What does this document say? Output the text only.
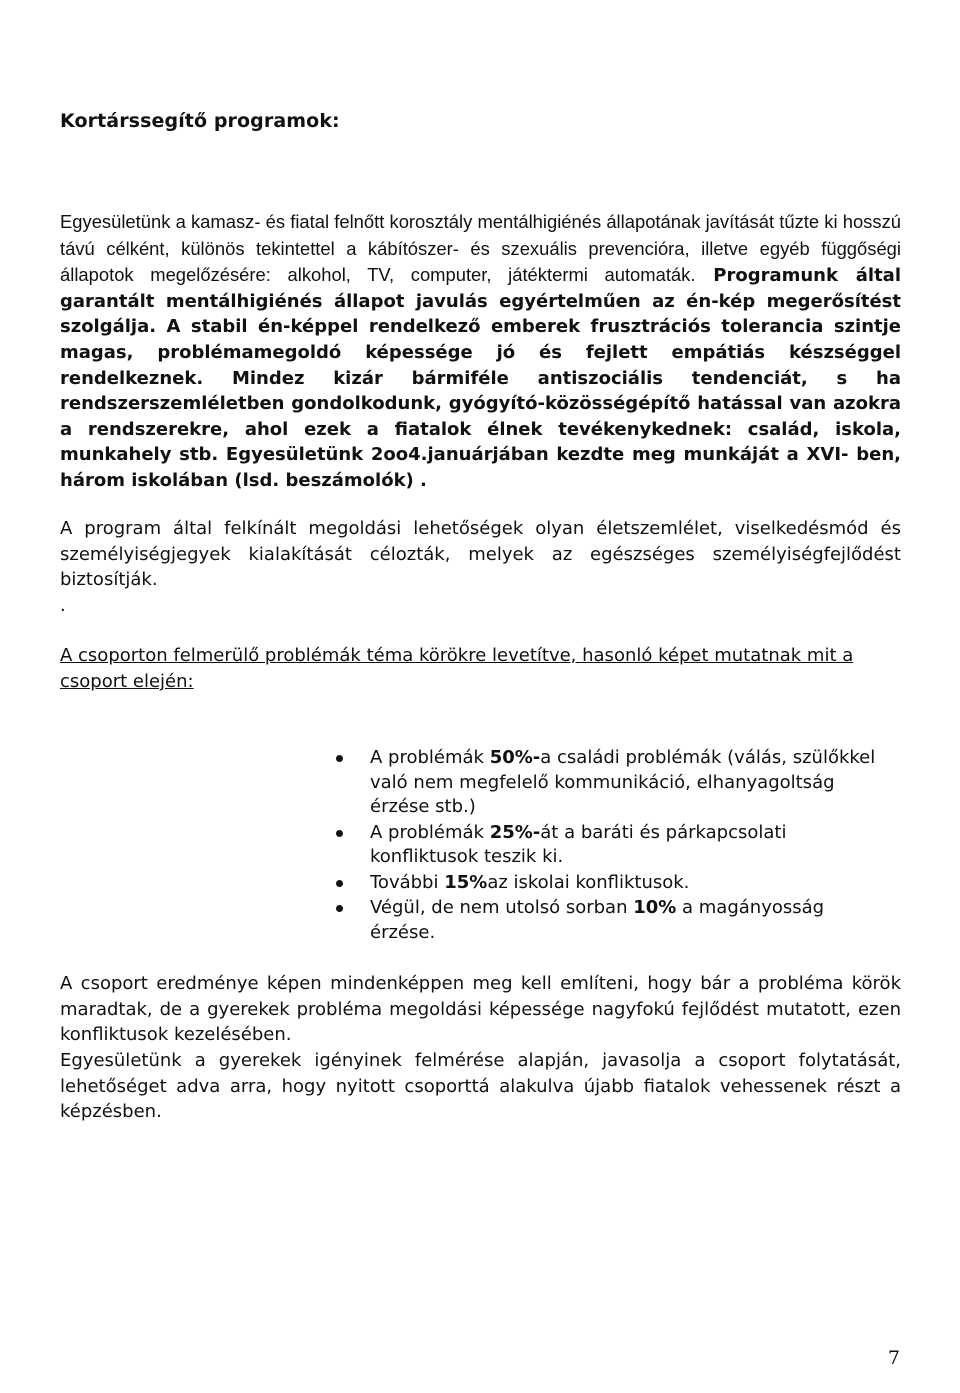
Kortárssegítő programok:
Egyesületünk a kamasz- és fiatal felnőtt korosztály mentálhigiénés állapotának javítását tűzte ki hosszú távú célként, különös tekintettel a kábítószer- és szexuális prevencióra, illetve egyéb függőségi állapotok megelőzésére: alkohol, TV, computer, játéktermi automaták. Programunk által garantált mentálhigiénés állapot javulás egyértelműen az én-kép megerősítést szolgálja. A stabil én-képpel rendelkező emberek frusztrációs tolerancia szintje magas, problémamegoldó képessége jó és fejlett empátiás készséggel rendelkeznek. Mindez kizár bármiféle antiszociális tendenciát, s ha rendszerszemléletben gondolkodunk, gyógyító-közösségépítő hatással van azokra a rendszerekre, ahol ezek a fiatalok élnek tevékenykednek: család, iskola, munkahely stb. Egyesületünk 2oo4.januárjában kezdte meg munkáját a XVI- ben, három iskolában (lsd. beszámolók) .
A program által felkínált megoldási lehetőségek olyan életszemlélet, viselkedésmód és személyiségjegyek kialakítását célozták, melyek az egészséges személyiségfejlődést biztosítják.
.
A csoporton felmerülő problémák téma körökre levetítve, hasonló képet mutatnak mit a csoport elején:
A problémák 50%-a családi problémák (válás, szülőkkel való nem megfelelő kommunikáció, elhanyagoltság érzése stb.)
A problémák 25%-át a baráti és párkapcsolati konfliktusok teszik ki.
További 15%az iskolai konfliktusok.
Végül, de nem utolsó sorban 10% a magányosság érzése.
A csoport eredménye képen mindenképpen meg kell említeni, hogy bár a probléma körök maradtak, de a gyerekek probléma megoldási képessége nagyfokú fejlődést mutatott, ezen konfliktusok kezelésében.
Egyesületünk a gyerekek igényinek felmérése alapján, javasolja a csoport folytatását, lehetőséget adva arra, hogy nyitott csoporttá alakulva újabb fiatalok vehessenek részt a képzésben.
7
